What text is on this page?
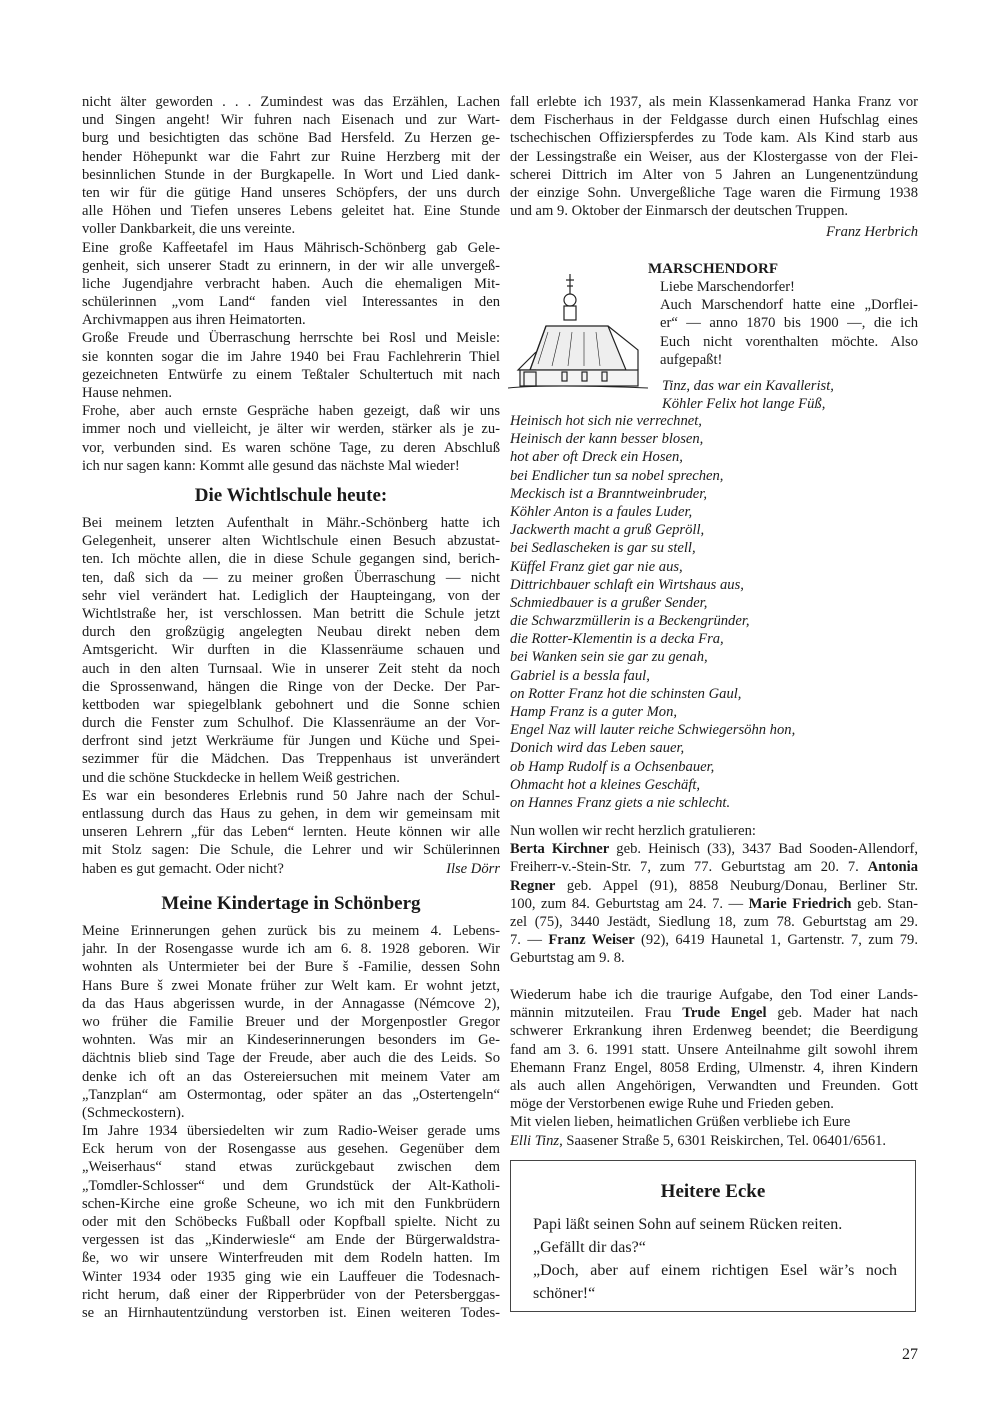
nicht älter geworden . . . Zumindest was das Erzählen, Lachen
und Singen angeht! Wir fuhren nach Eisenach und zur Wart-
burg und besichtigten das schöne Bad Hersfeld. Zu Herzen ge-
hender Höhepunkt war die Fahrt zur Ruine Herzberg mit der
besinnlichen Stunde in der Burgkapelle. In Wort und Lied dank-
ten wir für die gütige Hand unseres Schöpfers, der uns durch
alle Höhen und Tiefen unseres Lebens geleitet hat. Eine Stunde
voller Dankbarkeit, die uns vereinte.
Eine große Kaffeetafel im Haus Mährisch-Schönberg gab Gele-
genheit, sich unserer Stadt zu erinnern, in der wir alle unvergeß-
liche Jugendjahre verbracht haben. Auch die ehemaligen Mit-
schülerinnen „vom Land“ fanden viel Interessantes in den
Archivmappen aus ihren Heimatorten.
Große Freude und Überraschung herrschte bei Rosl und Meisle:
sie konnten sogar die im Jahre 1940 bei Frau Fachlehrerin Thiel
gezeichneten Entwürfe zu einem Teßtaler Schultertuch mit nach
Hause nehmen.
Frohe, aber auch ernste Gespräche haben gezeigt, daß wir uns
immer noch und vielleicht, je älter wir werden, stärker als je zu-
vor, verbunden sind. Es waren schöne Tage, zu deren Abschluß
ich nur sagen kann: Kommt alle gesund das nächste Mal wieder!
Die Wichtlschule heute:
Bei meinem letzten Aufenthalt in Mähr.-Schönberg hatte ich
Gelegenheit, unserer alten Wichtlschule einen Besuch abzustat-
ten. Ich möchte allen, die in diese Schule gegangen sind, berich-
ten, daß sich da — zu meiner großen Überraschung — nicht
sehr viel verändert hat. Lediglich der Haupteingang, von der
Wichtlstraße her, ist verschlossen. Man betritt die Schule jetzt
durch den großzügig angelegten Neubau direkt neben dem
Amtsgericht. Wir durften in die Klassenräume schauen und
auch in den alten Turnsaal. Wie in unserer Zeit steht da noch
die Sprossenwand, hängen die Ringe von der Decke. Der Par-
kettboden war spiegelblank gebohnert und die Sonne schien
durch die Fenster zum Schulhof. Die Klassenräume an der Vor-
derfront sind jetzt Werkräume für Jungen und Küche und Spei-
sezimmer für die Mädchen. Das Treppenhaus ist unverändert
und die schöne Stuckdecke in hellem Weiß gestrichen.
Es war ein besonderes Erlebnis rund 50 Jahre nach der Schul-
entlassung durch das Haus zu gehen, in dem wir gemeinsam mit
unseren Lehrern „für das Leben“ lernten. Heute können wir alle
mit Stolz sagen: Die Schule, die Lehrer und wir Schülerinnen
Ilse Dörr
haben es gut gemacht. Oder nicht?
Meine Kindertage in Schönberg
Meine Erinnerungen gehen zurück bis zu meinem 4. Lebens-
jahr. In der Rosengasse wurde ich am 6. 8. 1928 geboren. Wir
wohnten als Untermieter bei der Bure š -Familie, dessen Sohn
Hans Bure š zwei Monate früher zur Welt kam. Er wohnt jetzt,
da das Haus abgerissen wurde, in der Annagasse (Némcove 2),
wo früher die Familie Breuer und der Morgenpostler Gregor
wohnten. Was mir an Kindeserinnerungen besonders im Ge-
dächtnis blieb sind Tage der Freude, aber auch die des Leids. So
denke ich oft an das Ostereiersuchen mit meinem Vater am
„Tanzplan“ am Ostermontag, oder später an das „Ostertengeln“
(Schmeckostern).
Im Jahre 1934 übersiedelten wir zum Radio-Weiser gerade ums
Eck herum von der Rosengasse aus gesehen. Gegenüber dem
„Weiserhaus“ stand etwas zurückgebaut zwischen dem
„Tomdler-Schlosser“ und dem Grundstück der Alt-Katholi-
schen-Kirche eine große Scheune, wo ich mit den Funkbrüdern
oder mit den Schöbecks Fußball oder Kopfball spielte. Nicht zu
vergessen ist das „Kinderwiesle“ am Ende der Bürgerwaldstra-
ße, wo wir unsere Winterfreuden mit dem Rodeln hatten. Im
Winter 1934 oder 1935 ging wie ein Lauffeuer die Todesnach-
richt herum, daß einer der Ripperbrüder von der Petersberggas-
se an Hirnhautentzündung verstorben ist. Einen weiteren Todes-
fall erlebte ich 1937, als mein Klassenkamerad Hanka Franz vor
dem Fischerhaus in der Feldgasse durch einen Hufschlag eines
tschechischen Offizierspferdes zu Tode kam. Als Kind starb aus
der Lessingstraße ein Weiser, aus der Klostergasse von der Flei-
scherei Dittrich im Alter von 5 Jahren an Lungenentzündung
der einzige Sohn. Unvergeßliche Tage waren die Firmung 1938
und am 9. Oktober der Einmarsch der deutschen Truppen.
Franz Herbrich
MARSCHENDORF
Liebe Marschendorfer!
Auch Marschendorf hatte eine „Dorflei-
er“ — anno 1870 bis 1900 —, die ich
Euch nicht vorenthalten möchte. Also
aufgepaßt!
Tinz, das war ein Kavallerist,
Köhler Felix hot lange Füß,
Heinisch hot sich nie verrechnet,
Heinisch der kann besser blosen,
hot aber oft Dreck ein Hosen,
bei Endlicher tun sa nobel sprechen,
Meckisch ist a Branntweinbruder,
Köhler Anton is a faules Luder,
Jackwerth macht a gruß Gepröll,
bei Sedlascheken is gar su stell,
Küffel Franz giet gar nie aus,
Dittrichbauer schlaft ein Wirtshaus aus,
Schmiedbauer is a grußer Sender,
die Schwarzmüllerin is a Beckengründer,
die Rotter-Klementin is a decka Fra,
bei Wanken sein sie gar zu genah,
Gabriel is a bessla faul,
on Rotter Franz hot die schinsten Gaul,
Hamp Franz is a guter Mon,
Engel Naz will lauter reiche Schwiegersöhn hon,
Donich wird das Leben sauer,
ob Hamp Rudolf is a Ochsenbauer,
Ohmacht hot a kleines Geschäft,
on Hannes Franz giets a nie schlecht.
Nun wollen wir recht herzlich gratulieren:
Berta Kirchner geb. Heinisch (33), 3437 Bad Sooden-Allendorf,
Freiherr-v.-Stein-Str. 7, zum 77. Geburtstag am 20. 7. Antonia
Regner geb. Appel (91), 8858 Neuburg/Donau, Berliner Str.
100, zum 84. Geburtstag am 24. 7. — Marie Friedrich geb. Stan-
zel (75), 3440 Jestädt, Siedlung 18, zum 78. Geburtstag am 29.
7. — Franz Weiser (92), 6419 Haunetal 1, Gartenstr. 7, zum 79.
Geburtstag am 9. 8.
Wiederum habe ich die traurige Aufgabe, den Tod einer Lands-
männin mitzuteilen. Frau Trude Engel geb. Mader hat nach
schwerer Erkrankung ihren Erdenweg beendet; die Beerdigung
fand am 3. 6. 1991 statt. Unsere Anteilnahme gilt sowohl ihrem
Ehemann Franz Engel, 8058 Erding, Ulmenstr. 4, ihren Kindern
als auch allen Angehörigen, Verwandten und Freunden. Gott
möge der Verstorbenen ewige Ruhe und Frieden geben.
Mit vielen lieben, heimatlichen Grüßen verbliebe ich Eure
Elli Tinz, Saasener Straße 5, 6301 Reiskirchen, Tel. 06401/6561.
Heitere Ecke
Papi läßt seinen Sohn auf seinem Rücken reiten.
„Gefällt dir das?“
„Doch, aber auf einem richtigen Esel wär’s noch
schöner!“
27
